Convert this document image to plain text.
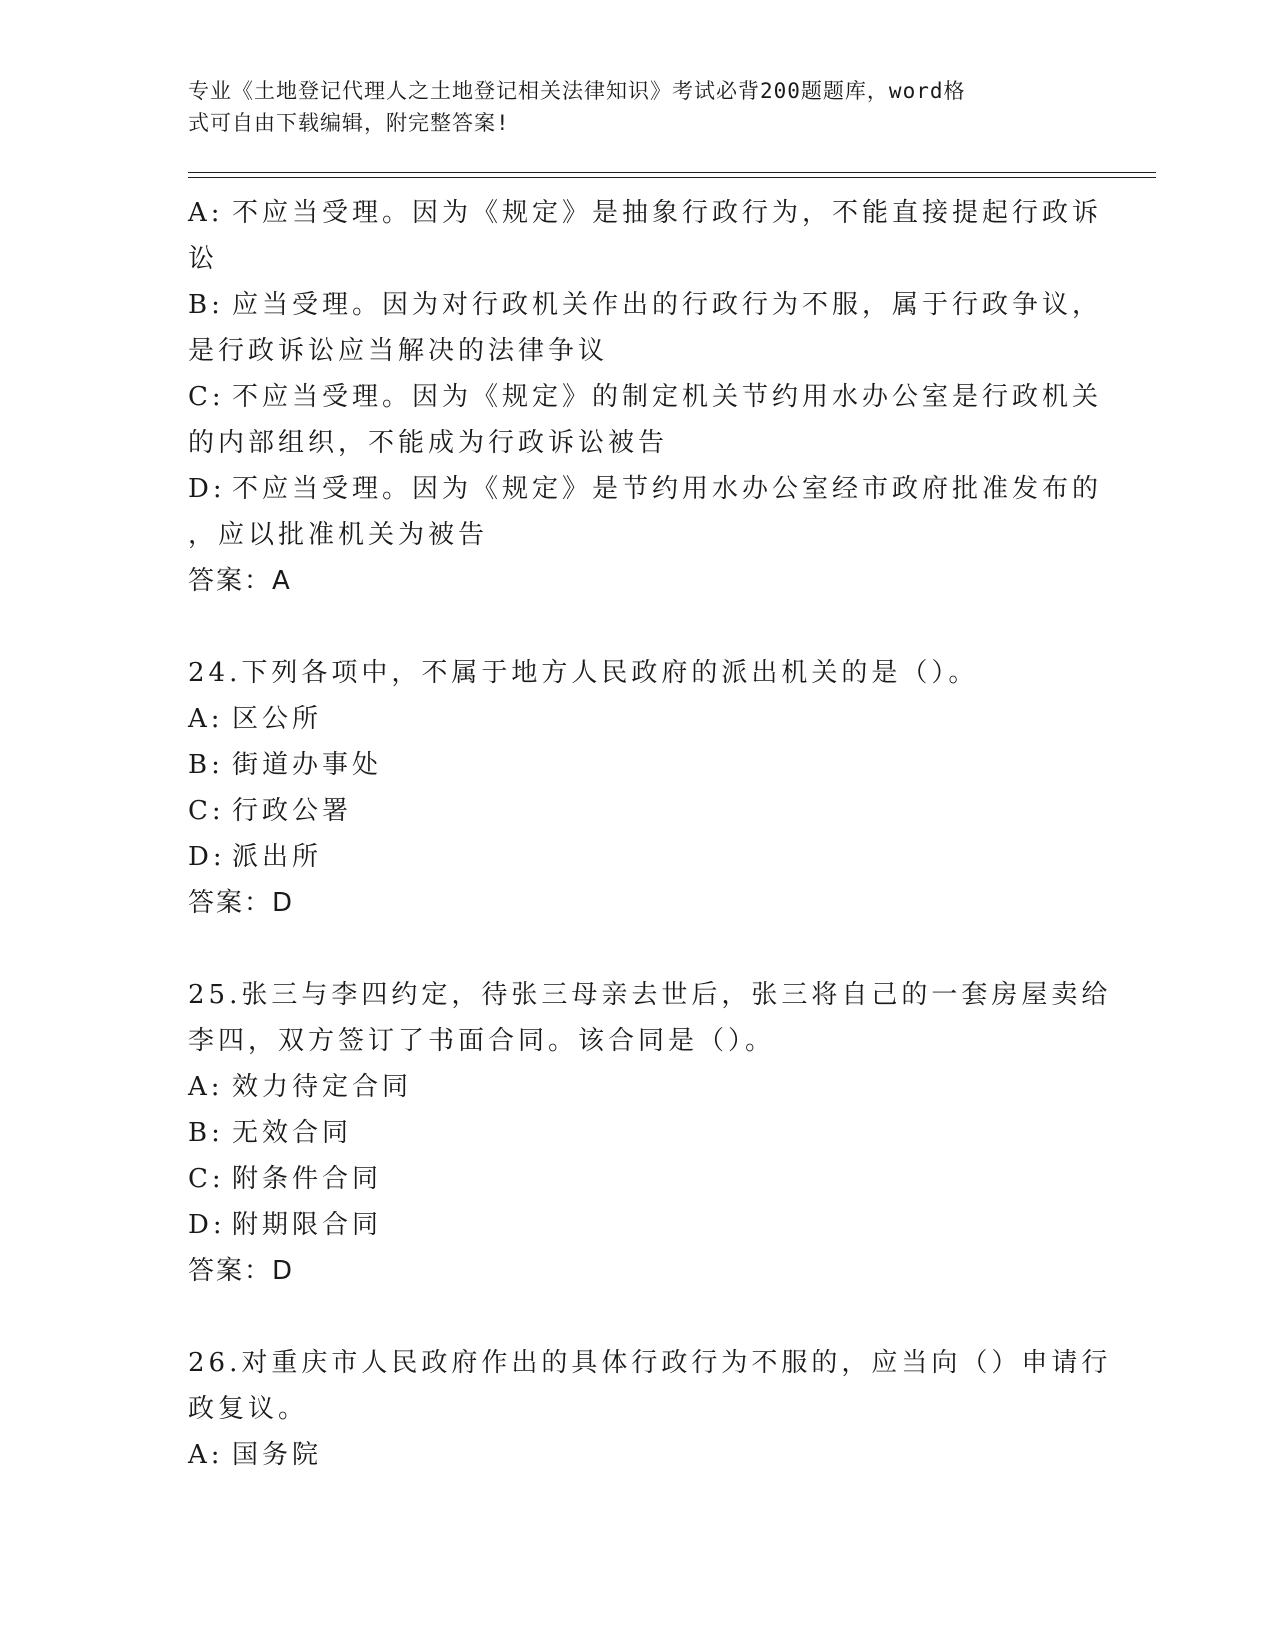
专业《土地登记代理人之土地登记相关法律知识》考试必背200题题库，word格
式可自由下载编辑，附完整答案!
A: 不应当受理。因为《规定》是抽象行政行为，不能直接提起行政诉
讼
B: 应当受理。因为对行政机关作出的行政行为不服，属于行政争议，
是行政诉讼应当解决的法律争议
C: 不应当受理。因为《规定》的制定机关节约用水办公室是行政机关
的内部组织，不能成为行政诉讼被告
D: 不应当受理。因为《规定》是节约用水办公室经市政府批准发布的
，应以批准机关为被告
答案：A
24.下列各项中，不属于地方人民政府的派出机关的是（）。
A: 区公所
B: 街道办事处
C: 行政公署
D: 派出所
答案：D
25.张三与李四约定，待张三母亲去世后，张三将自己的一套房屋卖给
李四，双方签订了书面合同。该合同是（）。
A: 效力待定合同
B: 无效合同
C: 附条件合同
D: 附期限合同
答案：D
26.对重庆市人民政府作出的具体行政行为不服的，应当向（）申请行
政复议。
A: 国务院
